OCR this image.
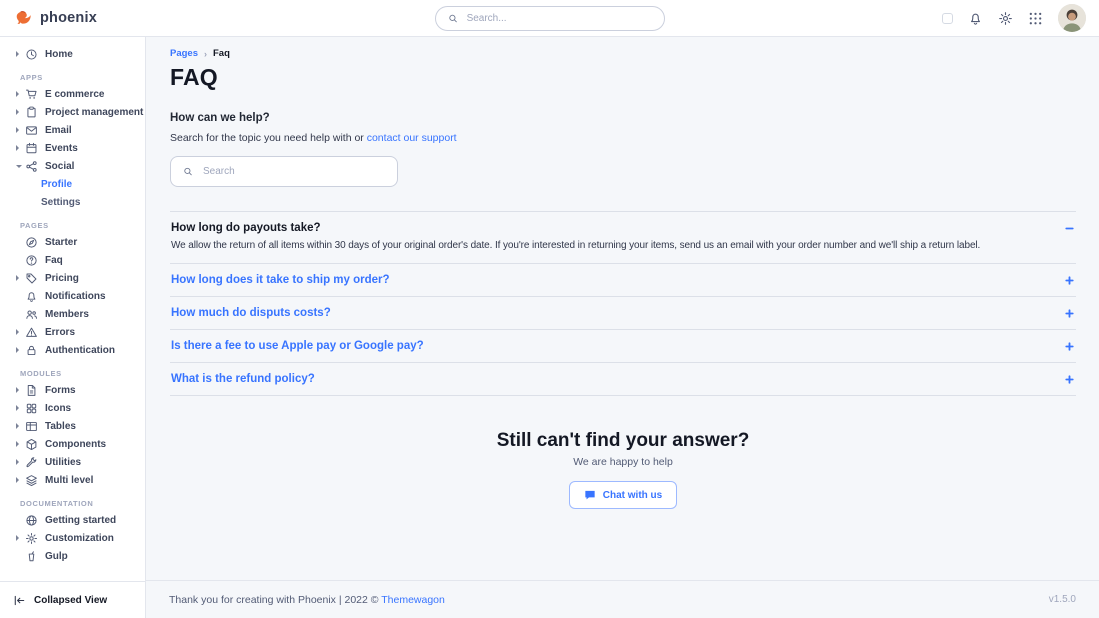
phoenix
Search...
Home
APPS
E commerce
Project management
Email
Events
Social
Profile
Settings
PAGES
Starter
Faq
Pricing
Notifications
Members
Errors
Authentication
MODULES
Forms
Icons
Tables
Components
Utilities
Multi level
DOCUMENTATION
Getting started
Customization
Gulp
Collapsed View
Pages › Faq
FAQ
How can we help?
Search for the topic you need help with or contact our support
Search
How long do payouts take?
We allow the return of all items within 30 days of your original order's date. If you're interested in returning your items, send us an email with your order number and we'll ship a return label.
How long does it take to ship my order?
How much do disputs costs?
Is there a fee to use Apple pay or Google pay?
What is the refund policy?
Still can't find your answer?
We are happy to help
Chat with us
Thank you for creating with Phoenix | 2022 © Themewagon	v1.5.0
